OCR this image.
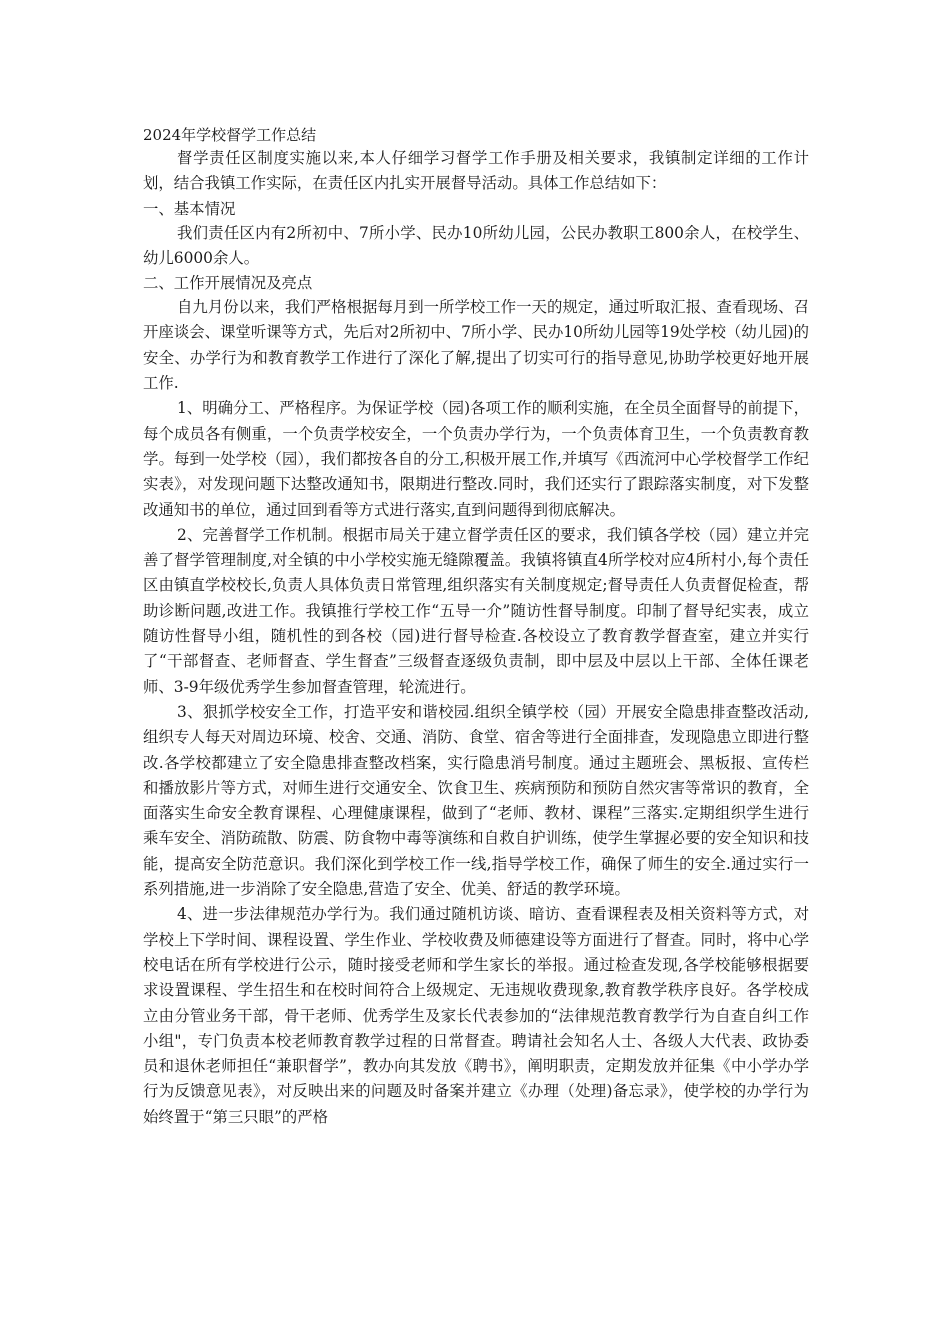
2024年学校督学工作总结

督学责任区制度实施以来,本人仔细学习督学工作手册及相关要求，我镇制定详细的工作计划，结合我镇工作实际，在责任区内扎实开展督导活动。具体工作总结如下：

一、基本情况

我们责任区内有2所初中、7所小学、民办10所幼儿园，公民办教职工800余人，在校学生、幼儿6000余人。

二、工作开展情况及亮点

自九月份以来，我们严格根据每月到一所学校工作一天的规定，通过听取汇报、查看现场、召开座谈会、课堂听课等方式，先后对2所初中、7所小学、民办10所幼儿园等19处学校（幼儿园)的安全、办学行为和教育教学工作进行了深化了解,提出了切实可行的指导意见,协助学校更好地开展工作.

1、明确分工、严格程序。为保证学校（园)各项工作的顺利实施，在全员全面督导的前提下，每个成员各有侧重，一个负责学校安全，一个负责办学行为，一个负责体育卫生，一个负责教育教学。每到一处学校（园），我们都按各自的分工,积极开展工作,并填写《西流河中心学校督学工作纪实表》，对发现问题下达整改通知书，限期进行整改.同时，我们还实行了跟踪落实制度，对下发整改通知书的单位，通过回到看等方式进行落实,直到问题得到彻底解决。

2、完善督学工作机制。根据市局关于建立督学责任区的要求，我们镇各学校（园）建立并完善了督学管理制度,对全镇的中小学校实施无缝隙覆盖。我镇将镇直4所学校对应4所村小,每个责任区由镇直学校校长,负责人具体负责日常管理,组织落实有关制度规定;督导责任人负责督促检查，帮助诊断问题,改进工作。我镇推行学校工作“五导一介”随访性督导制度。印制了督导纪实表，成立随访性督导小组，随机性的到各校（园)进行督导检查.各校设立了教育教学督查室，建立并实行了“干部督查、老师督查、学生督查”三级督查逐级负责制，即中层及中层以上干部、全体任课老师、3-9年级优秀学生参加督查管理，轮流进行。

3、狠抓学校安全工作，打造平安和谐校园.组织全镇学校（园）开展安全隐患排查整改活动,组织专人每天对周边环境、校舍、交通、消防、食堂、宿舍等进行全面排查，发现隐患立即进行整改.各学校都建立了安全隐患排查整改档案，实行隐患消号制度。通过主题班会、黑板报、宣传栏和播放影片等方式，对师生进行交通安全、饮食卫生、疾病预防和预防自然灾害等常识的教育，全面落实生命安全教育课程、心理健康课程，做到了“老师、教材、课程”三落实.定期组织学生进行乘车安全、消防疏散、防震、防食物中毒等演练和自救自护训练，使学生掌握必要的安全知识和技能，提高安全防范意识。我们深化到学校工作一线,指导学校工作，确保了师生的安全.通过实行一系列措施,进一步消除了安全隐患,营造了安全、优美、舒适的教学环境。

4、进一步法律规范办学行为。我们通过随机访谈、暗访、查看课程表及相关资料等方式，对学校上下学时间、课程设置、学生作业、学校收费及师德建设等方面进行了督查。同时，将中心学校电话在所有学校进行公示，随时接受老师和学生家长的举报。通过检查发现,各学校能够根据要求设置课程、学生招生和在校时间符合上级规定、无违规收费现象,教育教学秩序良好。各学校成立由分管业务干部，骨干老师、优秀学生及家长代表参加的“法律规范教育教学行为自查自纠工作小组"，专门负责本校老师教育教学过程的日常督查。聘请社会知名人士、各级人大代表、政协委员和退休老师担任“兼职督学”，教办向其发放《聘书》，阐明职责，定期发放并征集《中小学办学行为反馈意见表》，对反映出来的问题及时备案并建立《办理（处理)备忘录》，使学校的办学行为始终置于“第三只眼”的严格
